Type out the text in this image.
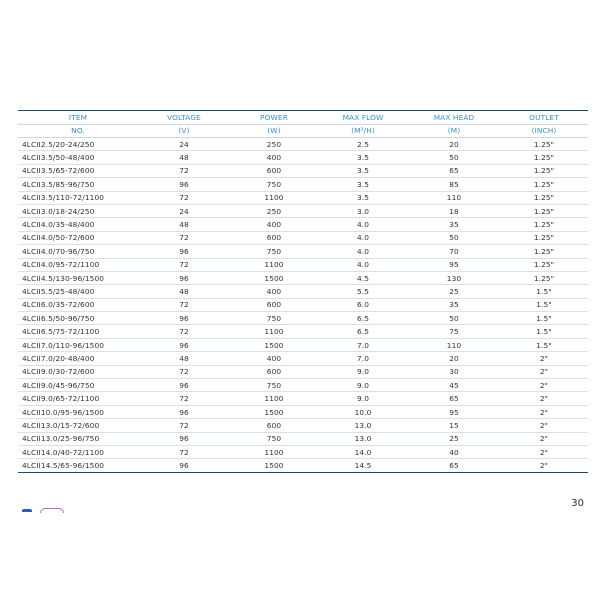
ITEM	VOLTAGE	POWER	MAX FLOW	MAX HEAD	OUTLET
NO.	(V)	(W)	(M³/H)	(M)	(INCH)
4LCII2.5/20-24/250	24	250	2.5	20	1.25"
4LCII3.5/50-48/400	48	400	3.5	50	1.25"
4LCII3.5/65-72/600	72	600	3.5	65	1.25"
4LCII3.5/85-96/750	96	750	3.5	85	1.25"
4LCII3.5/110-72/1100	72	1100	3.5	110	1.25"
4LCII3.0/18-24/250	24	250	3.0	18	1.25"
4LCII4.0/35-48/400	48	400	4.0	35	1.25"
4LCII4.0/50-72/600	72	600	4.0	50	1.25"
4LCII4.0/70-96/750	96	750	4.0	70	1.25"
4LCII4.0/95-72/1100	72	1100	4.0	95	1.25"
4LCII4.5/130-96/1500	96	1500	4.5	130	1.25"
4LCII5.5/25-48/400	48	400	5.5	25	1.5"
4LCII6.0/35-72/600	72	600	6.0	35	1.5"
4LCII6.5/50-96/750	96	750	6.5	50	1.5"
4LCII6.5/75-72/1100	72	1100	6.5	75	1.5"
4LCII7.0/110-96/1500	96	1500	7.0	110	1.5"
4LCII7.0/20-48/400	48	400	7.0	20	2"
4LCII9.0/30-72/600	72	600	9.0	30	2"
4LCII9.0/45-96/750	96	750	9.0	45	2"
4LCII9.0/65-72/1100	72	1100	9.0	65	2"
4LCII10.0/95-96/1500	96	1500	10.0	95	2"
4LCII13.0/15-72/600	72	600	13.0	15	2"
4LCII13.0/25-96/750	96	750	13.0	25	2"
4LCII14.0/40-72/1100	72	1100	14.0	40	2"
4LCII14.5/65-96/1500	96	1500	14.5	65	2"
30
